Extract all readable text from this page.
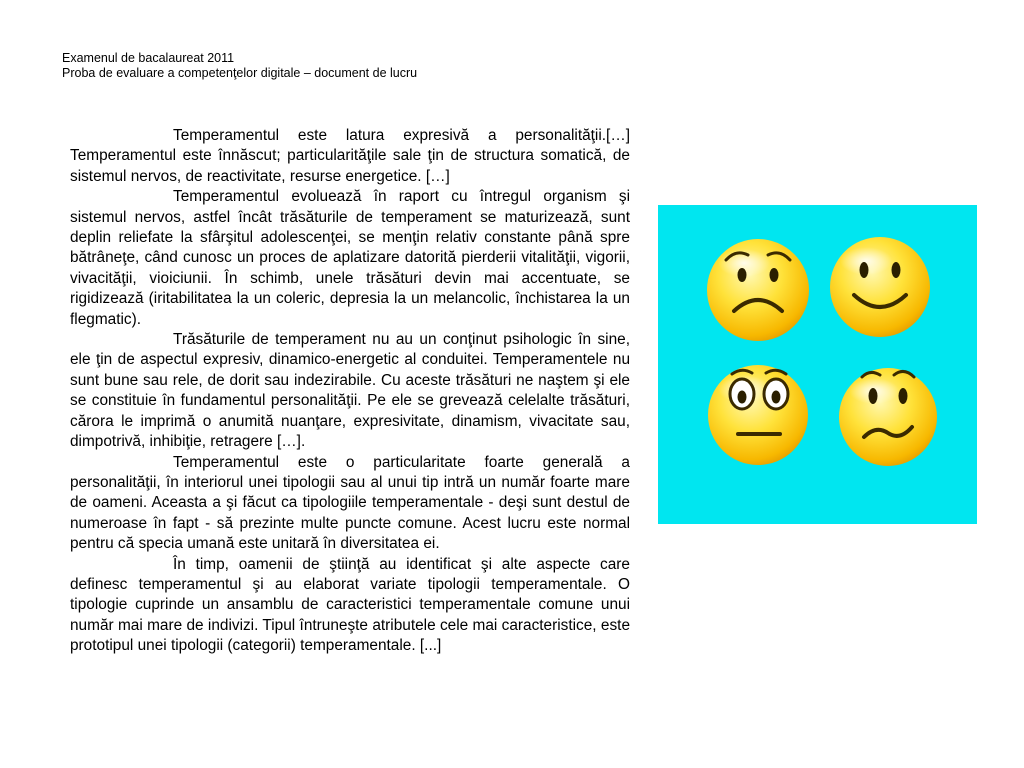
Examenul de bacalaureat 2011
Proba de evaluare a competenţelor digitale – document de lucru

Temperamentul este latura expresivă a personalităţii.[…] Temperamentul este înnăscut; particularităţile sale ţin de structura somatică, de sistemul nervos, de reactivitate, resurse energetice. […]

Temperamentul evoluează în raport cu întregul organism şi sistemul nervos, astfel încât trăsăturile de temperament se maturizează, sunt deplin reliefate la sfârşitul adolescenţei, se menţin relativ constante până spre bătrâneţe, când cunosc un proces de aplatizare datorită pierderii vitalităţii, vigorii, vivacităţii, vioiciunii. În schimb, unele trăsături devin mai accentuate, se rigidizează (iritabilitatea la un coleric, depresia la un melancolic, închistarea la un flegmatic).

Trăsăturile de temperament nu au un conţinut psihologic în sine, ele ţin de aspectul expresiv, dinamico-energetic al conduitei. Temperamentele nu sunt bune sau rele, de dorit sau indezirabile. Cu aceste trăsături ne naştem şi ele se constituie în fundamentul personalităţii. Pe ele se grevează celelalte trăsături, cărora le imprimă o anumită nuanţare, expresivitate, dinamism, vivacitate sau, dimpotrivă, inhibiţie, retragere […].

Temperamentul este o particularitate foarte generală a personalităţii, în interiorul unei tipologii sau al unui tip intră un număr foarte mare de oameni. Aceasta a şi făcut ca tipologiile temperamentale - deşi sunt destul de numeroase în fapt - să prezinte multe puncte comune. Acest lucru este normal pentru că specia umană este unitară în diversitatea ei.

În timp, oamenii de ştiinţă au identificat şi alte aspecte care definesc temperamentul şi au elaborat variate tipologii temperamentale. O tipologie cuprinde un ansamblu de caracteristici temperamentale comune unui număr mai mare de indivizi. Tipul întruneşte atributele cele mai caracteristice, este prototipul unei tipologii (categorii) temperamentale. [...]
